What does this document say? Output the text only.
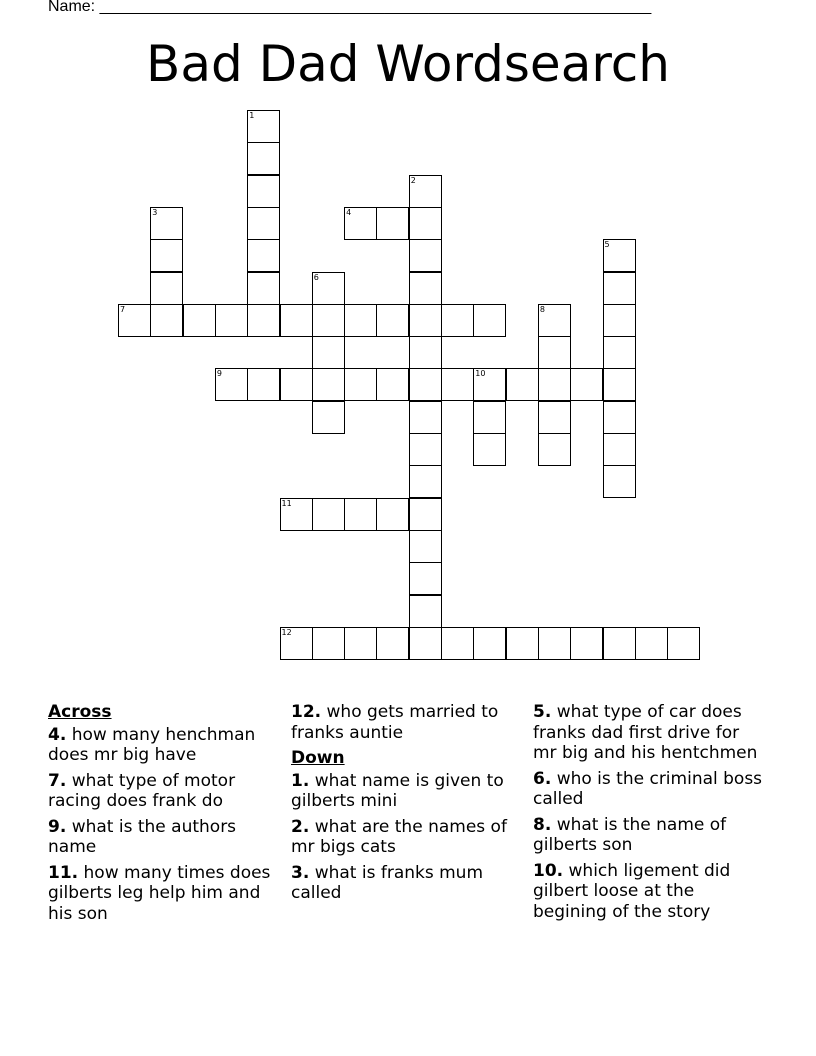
Name: ______________________________________________________________
Bad Dad Wordsearch
1
2
3	4
5
6
7	8
9	10
11
12
Across
4. how many henchman does mr big have
7. what type of motor racing does frank do
9. what is the authors name
11. how many times does gilberts leg help him and his son
12. who gets married to franks auntie
Down
1. what name is given to gilberts mini
2. what are the names of mr bigs cats
3. what is franks mum called
5. what type of car does franks dad first drive for mr big and his hentchmen
6. who is the criminal boss called
8. what is the name of gilberts son
10. which ligement did gilbert loose at the begining of the story
